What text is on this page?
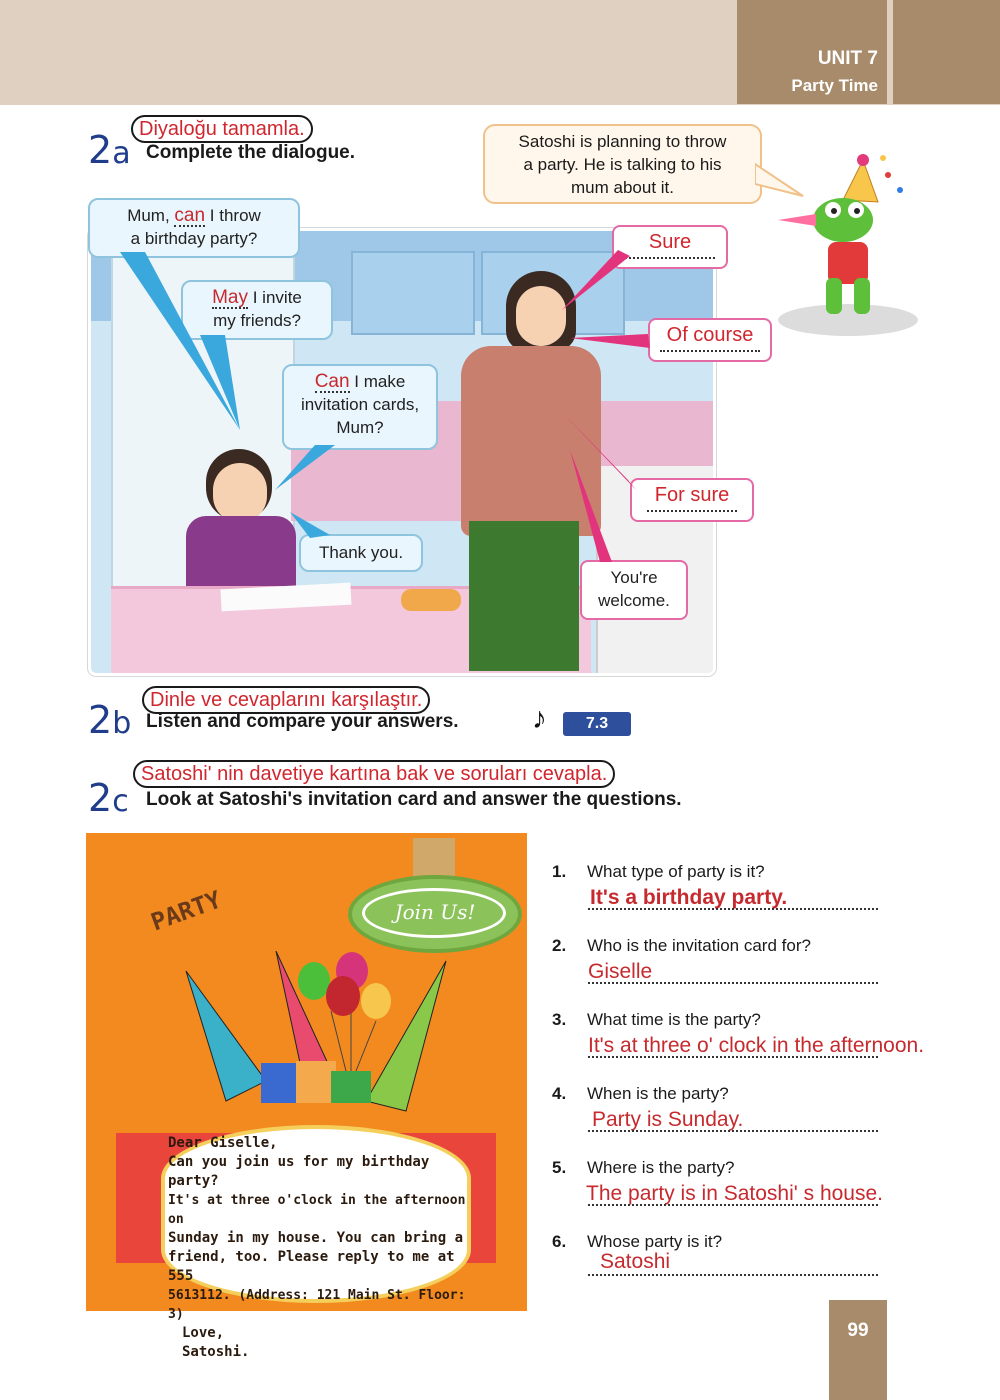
UNIT 7
Party Time
Diyaloğu tamamla.
2a Complete the dialogue.
Satoshi is planning to throw
a party. He is talking to his
mum about it.
Mum, can I throw
a birthday party?
May I invite
my friends?
Can I make
invitation cards,
Mum?
Thank you.
Sure
Of course
For sure
You're
welcome.
Dinle ve cevaplarını karşılaştır.
2b Listen and compare your answers. ♪	7.3
Satoshi' nin davetiye kartına bak ve soruları cevapla.
2c Look at Satoshi's invitation card and answer the questions.
Join Us!
PARTY
Dear Giselle,
Can you join us for my birthday party?
It's at three o'clock in the afternoon on
Sunday in my house. You can bring a
friend, too. Please reply to me at 555
5613112. (Address: 121 Main St. Floor: 3)
Love,
Satoshi.
1. What type of party is it?
It's a birthday party.
2. Who is the invitation card for?
Giselle
3. What time is the party?
It's at three o' clock in the afternoon.
4. When is the party?
Party is Sunday.
5. Where is the party?
The party is in Satoshi' s house.
6. Whose party is it?
Satoshi
99
